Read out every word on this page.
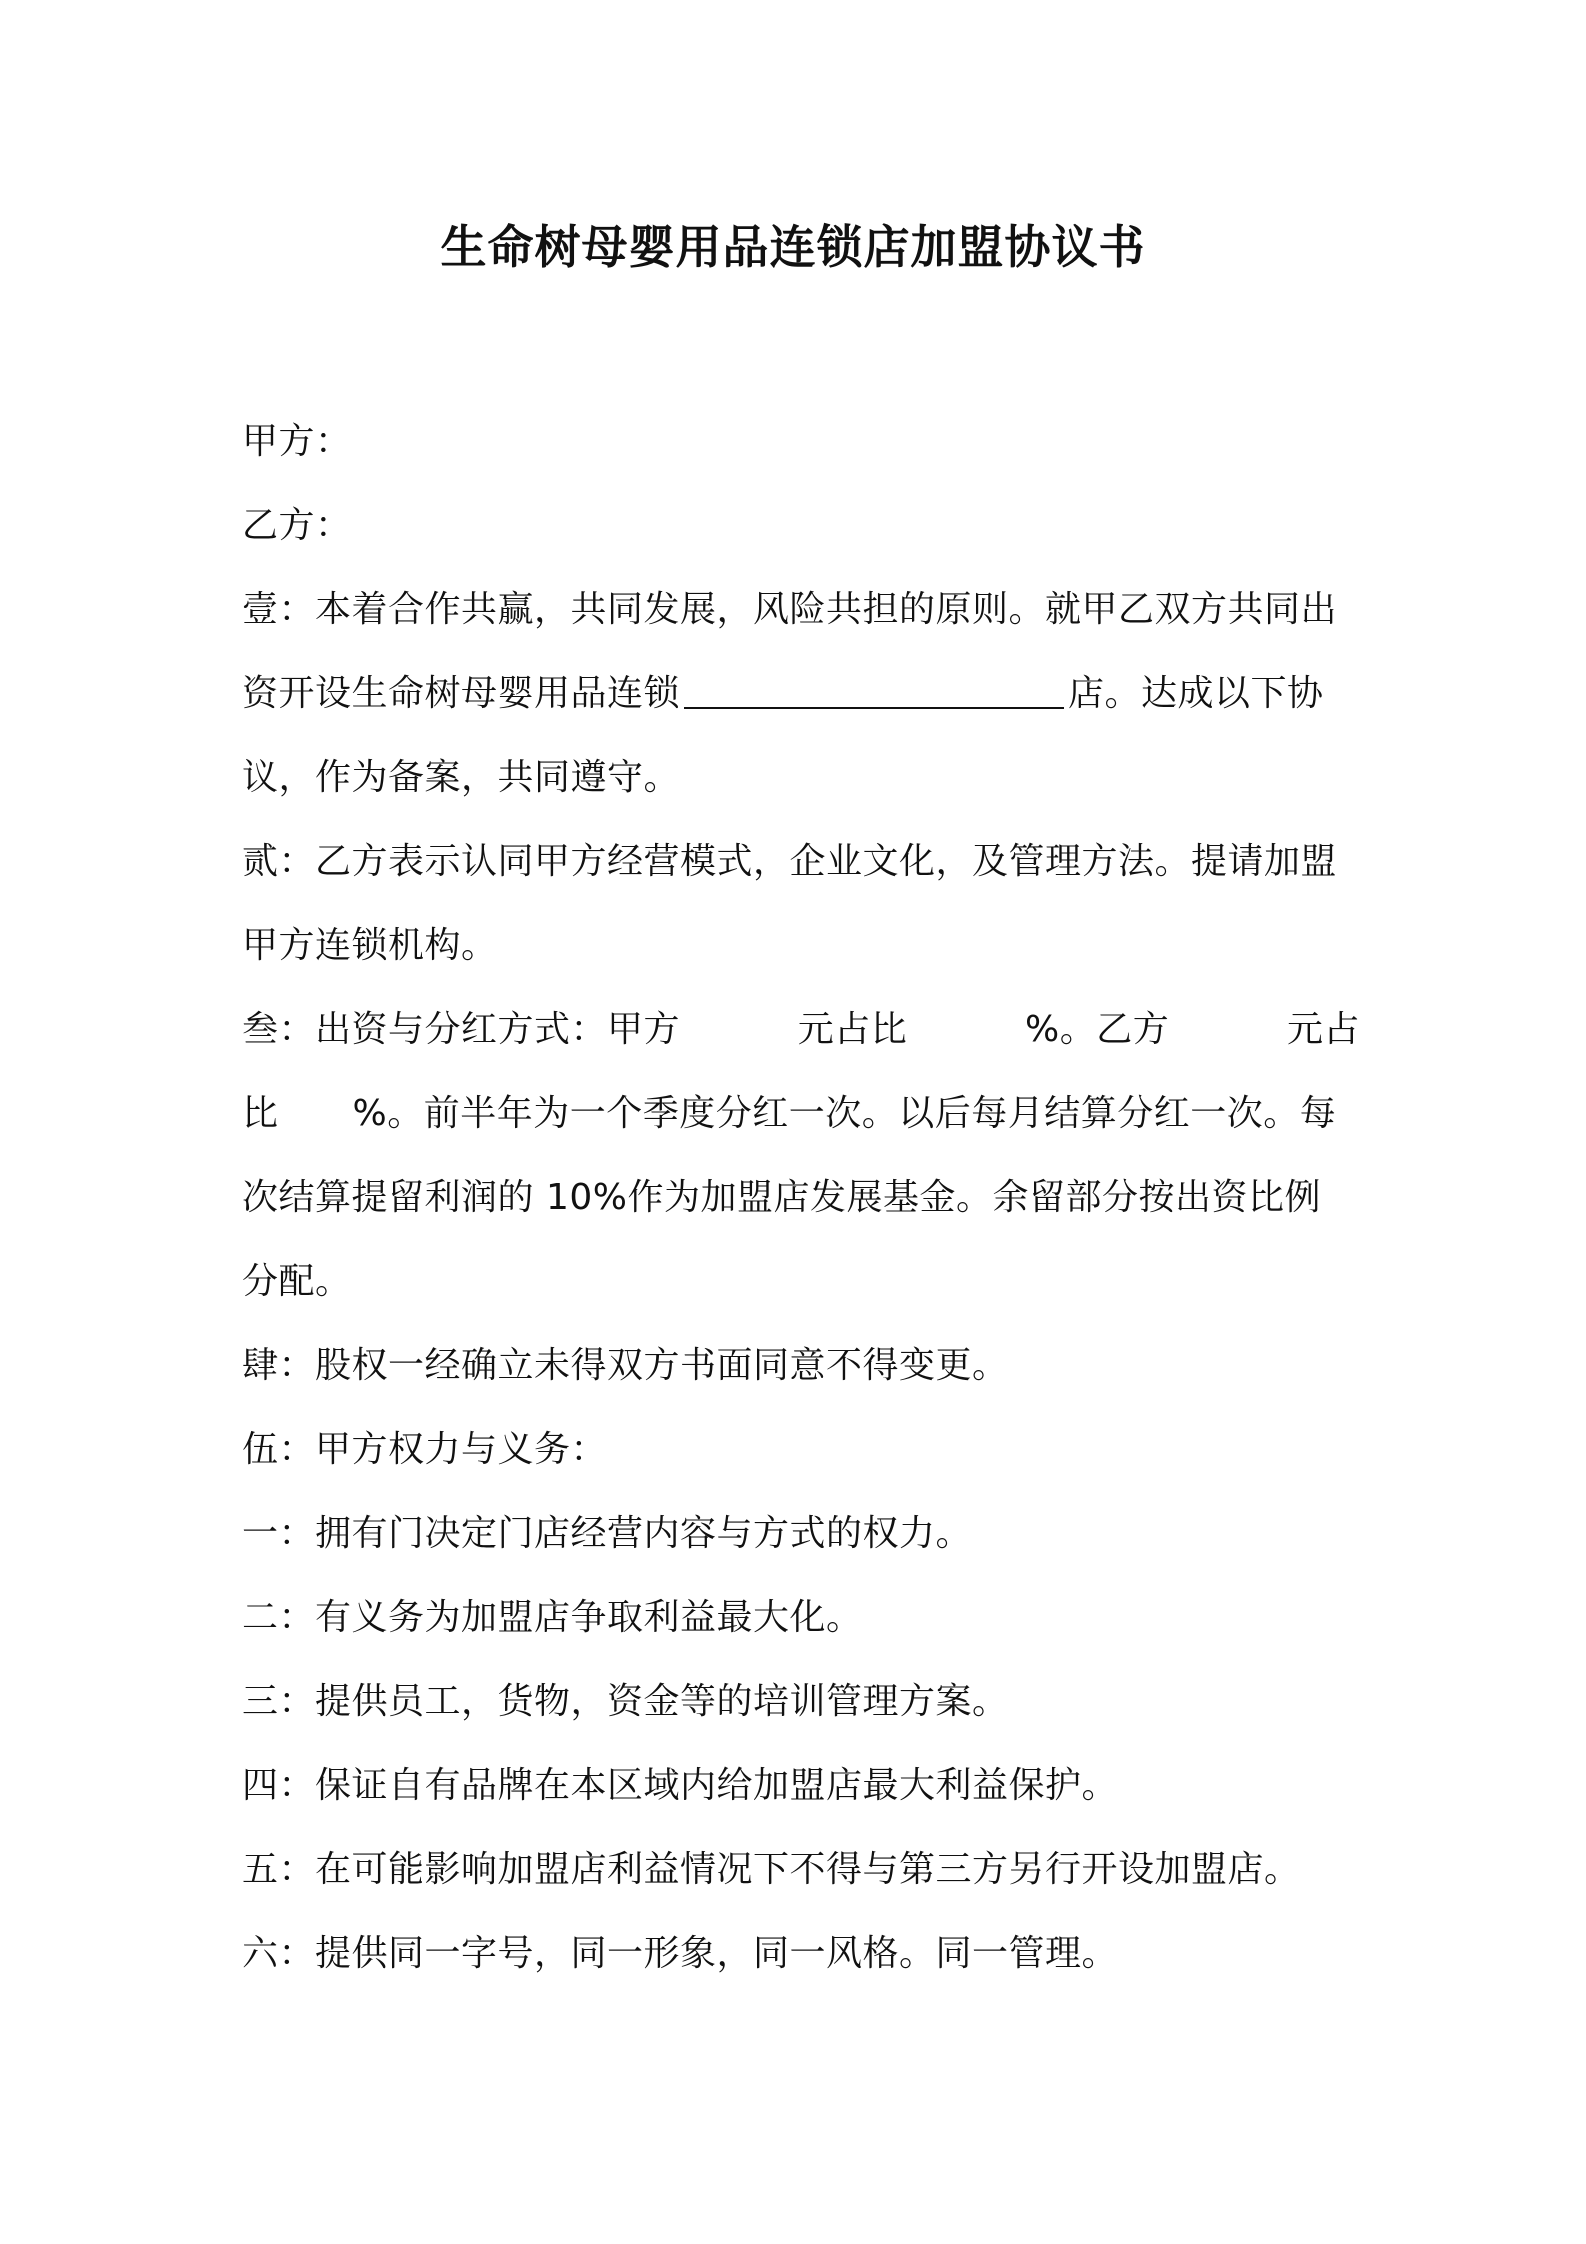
生命树母婴用品连锁店加盟协议书
甲方：
乙方：
壹：本着合作共赢，共同发展，风险共担的原则。就甲乙双方共同出
资开设生命树母婴用品连锁	店。达成以下协
议，作为备案，共同遵守。
贰：乙方表示认同甲方经营模式，企业文化，及管理方法。提请加盟
甲方连锁机构。
叁：出资与分红方式：甲方	元占比	%。乙方	元占
比 %。前半年为一个季度分红一次。以后每月结算分红一次。每
次结算提留利润的 10%作为加盟店发展基金。余留部分按出资比例
分配。
肆：股权一经确立未得双方书面同意不得变更。
伍：甲方权力与义务：
一：拥有门决定门店经营内容与方式的权力。
二：有义务为加盟店争取利益最大化。
三：提供员工，货物，资金等的培训管理方案。
四：保证自有品牌在本区域内给加盟店最大利益保护。
五：在可能影响加盟店利益情况下不得与第三方另行开设加盟店。
六：提供同一字号，同一形象，同一风格。同一管理。
